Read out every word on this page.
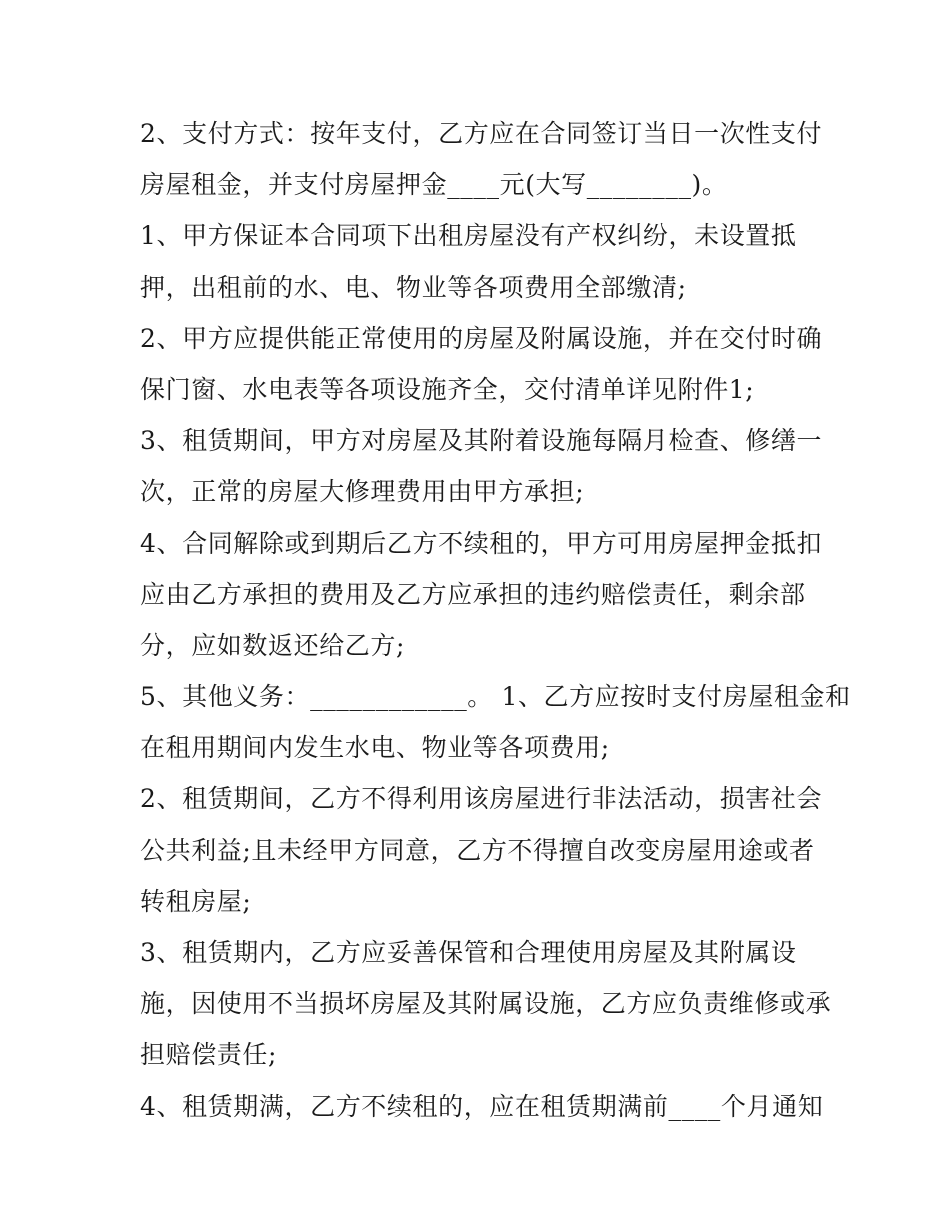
2、支付方式：按年支付，乙方应在合同签订当日一次性支付
房屋租金，并支付房屋押金____元(大写________)。
1、甲方保证本合同项下出租房屋没有产权纠纷，未设置抵
押，出租前的水、电、物业等各项费用全部缴清;
2、甲方应提供能正常使用的房屋及附属设施，并在交付时确
保门窗、水电表等各项设施齐全，交付清单详见附件1;
3、租赁期间，甲方对房屋及其附着设施每隔月检查、修缮一
次，正常的房屋大修理费用由甲方承担;
4、合同解除或到期后乙方不续租的，甲方可用房屋押金抵扣
应由乙方承担的费用及乙方应承担的违约赔偿责任，剩余部
分，应如数返还给乙方;
5、其他义务：____________。 1、乙方应按时支付房屋租金和
在租用期间内发生水电、物业等各项费用;
2、租赁期间，乙方不得利用该房屋进行非法活动，损害社会
公共利益;且未经甲方同意，乙方不得擅自改变房屋用途或者
转租房屋;
3、租赁期内，乙方应妥善保管和合理使用房屋及其附属设
施，因使用不当损坏房屋及其附属设施，乙方应负责维修或承
担赔偿责任;
4、租赁期满，乙方不续租的，应在租赁期满前____个月通知
